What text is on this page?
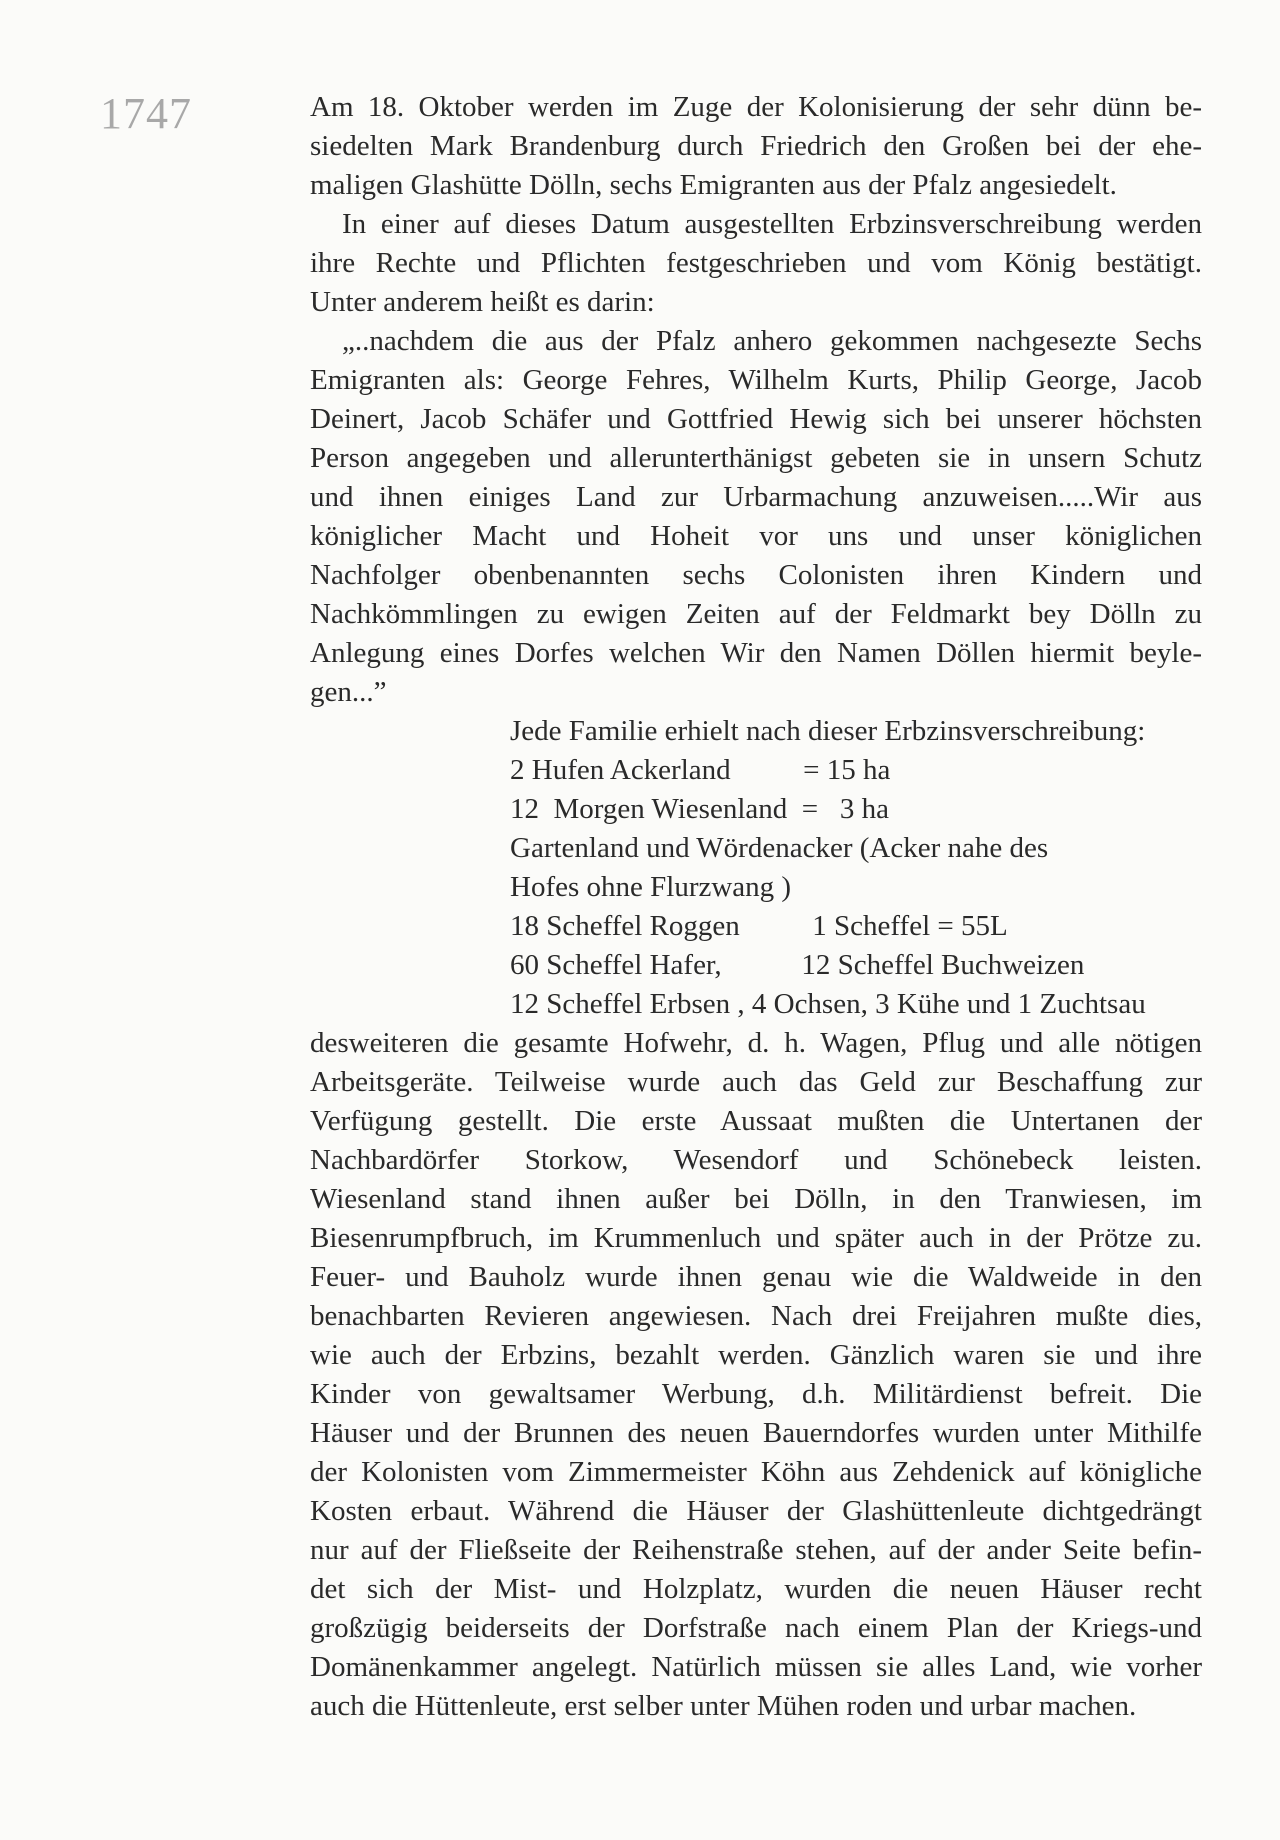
1747	Am 18. Oktober werden im Zuge der Kolonisierung der sehr dünn be-
siedelten Mark Brandenburg durch Friedrich den Großen bei der ehe-
maligen Glashütte Dölln, sechs Emigranten aus der Pfalz angesiedelt.
In einer auf dieses Datum ausgestellten Erbzinsverschreibung werden
ihre Rechte und Pflichten festgeschrieben und vom König bestätigt.
Unter anderem heißt es darin:
„..nachdem die aus der Pfalz anhero gekommen nachgesezte Sechs
Emigranten als: George Fehres, Wilhelm Kurts, Philip George, Jacob
Deinert, Jacob Schäfer und Gottfried Hewig sich bei unserer höchsten
Person angegeben und allerunterthänigst gebeten sie in unsern Schutz
und ihnen einiges Land zur Urbarmachung anzuweisen.....Wir aus
königlicher Macht und Hoheit vor uns und unser königlichen
Nachfolger obenbenannten sechs Colonisten ihren Kindern und
Nachkömmlingen zu ewigen Zeiten auf der Feldmarkt bey Dölln zu
Anlegung eines Dorfes welchen Wir den Namen Döllen hiermit beyle-
gen...”
Jede Familie erhielt nach dieser Erbzinsverschreibung:
2 Hufen Ackerland          = 15 ha
12  Morgen Wiesenland  =   3 ha
Gartenland und Wördenacker (Acker nahe des
Hofes ohne Flurzwang )
18 Scheffel Roggen          1 Scheffel = 55L
60 Scheffel Hafer,           12 Scheffel Buchweizen
12 Scheffel Erbsen , 4 Ochsen, 3 Kühe und 1 Zuchtsau
desweiteren die gesamte Hofwehr, d. h. Wagen, Pflug und alle nötigen
Arbeitsgeräte. Teilweise wurde auch das Geld zur Beschaffung zur
Verfügung gestellt. Die erste Aussaat mußten die Untertanen der
Nachbardörfer Storkow, Wesendorf und Schönebeck leisten.
Wiesenland stand ihnen außer bei Dölln, in den Tranwiesen, im
Biesenrumpfbruch, im Krummenluch und später auch in der Prötze zu.
Feuer- und Bauholz wurde ihnen genau wie die Waldweide in den
benachbarten Revieren angewiesen. Nach drei Freijahren mußte dies,
wie auch der Erbzins, bezahlt werden. Gänzlich waren sie und ihre
Kinder von gewaltsamer Werbung, d.h. Militärdienst befreit. Die
Häuser und der Brunnen des neuen Bauerndorfes wurden unter Mithilfe
der Kolonisten vom Zimmermeister Köhn aus Zehdenick auf königliche
Kosten erbaut. Während die Häuser der Glashüttenleute dichtgedrängt
nur auf der Fließseite der Reihenstraße stehen, auf der ander Seite befin-
det sich der Mist- und Holzplatz, wurden die neuen Häuser recht
großzügig beiderseits der Dorfstraße nach einem Plan der Kriegs-und
Domänenkammer angelegt. Natürlich müssen sie alles Land, wie vorher
auch die Hüttenleute, erst selber unter Mühen roden und urbar machen.
